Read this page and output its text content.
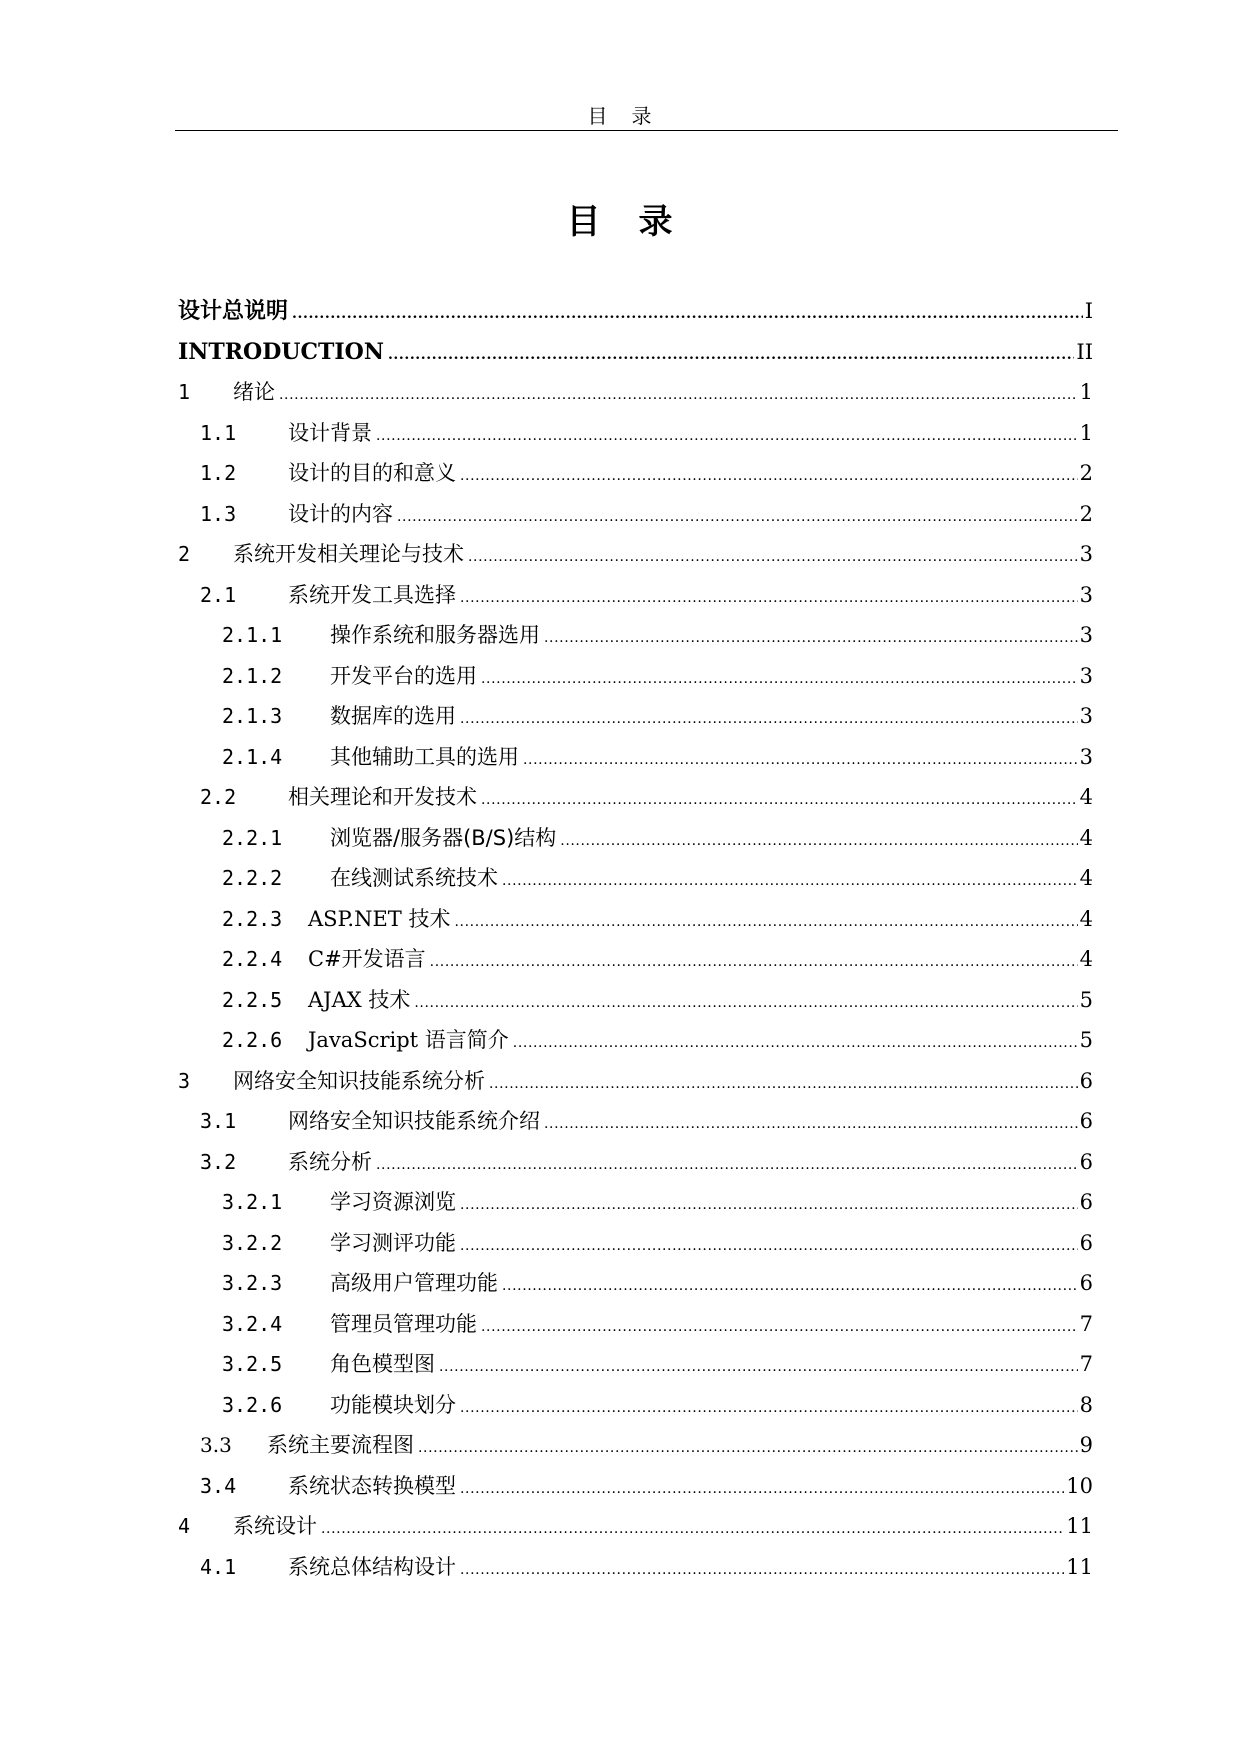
目　录
目　录
设计总说明 .....	I
INTRODUCTION .....	II
1	绪论 .....	1
1.1	设计背景 .....	1
1.2	设计的目的和意义 .....	2
1.3	设计的内容 .....	2
2	系统开发相关理论与技术 .....	3
2.1	系统开发工具选择 .....	3
2.1.1	操作系统和服务器选用 .....	3
2.1.2	开发平台的选用 .....	3
2.1.3	数据库的选用 .....	3
2.1.4	其他辅助工具的选用 .....	3
2.2	相关理论和开发技术 .....	4
2.2.1	浏览器/服务器(B/S)结构 .....	4
2.2.2	在线测试系统技术 .....	4
2.2.3	ASP.NET 技术 .....	4
2.2.4	C#开发语言 .....	4
2.2.5	AJAX 技术 .....	5
2.2.6	JavaScript 语言简介 .....	5
3	网络安全知识技能系统分析 .....	6
3.1	网络安全知识技能系统介绍 .....	6
3.2	系统分析 .....	6
3.2.1	学习资源浏览 .....	6
3.2.2	学习测评功能 .....	6
3.2.3	高级用户管理功能 .....	6
3.2.4	管理员管理功能 .....	7
3.2.5	角色模型图 .....	7
3.2.6	功能模块划分 .....	8
3.3	系统主要流程图 .....	9
3.4	系统状态转换模型 .....	10
4	系统设计 .....	11
4.1	系统总体结构设计 .....	11
